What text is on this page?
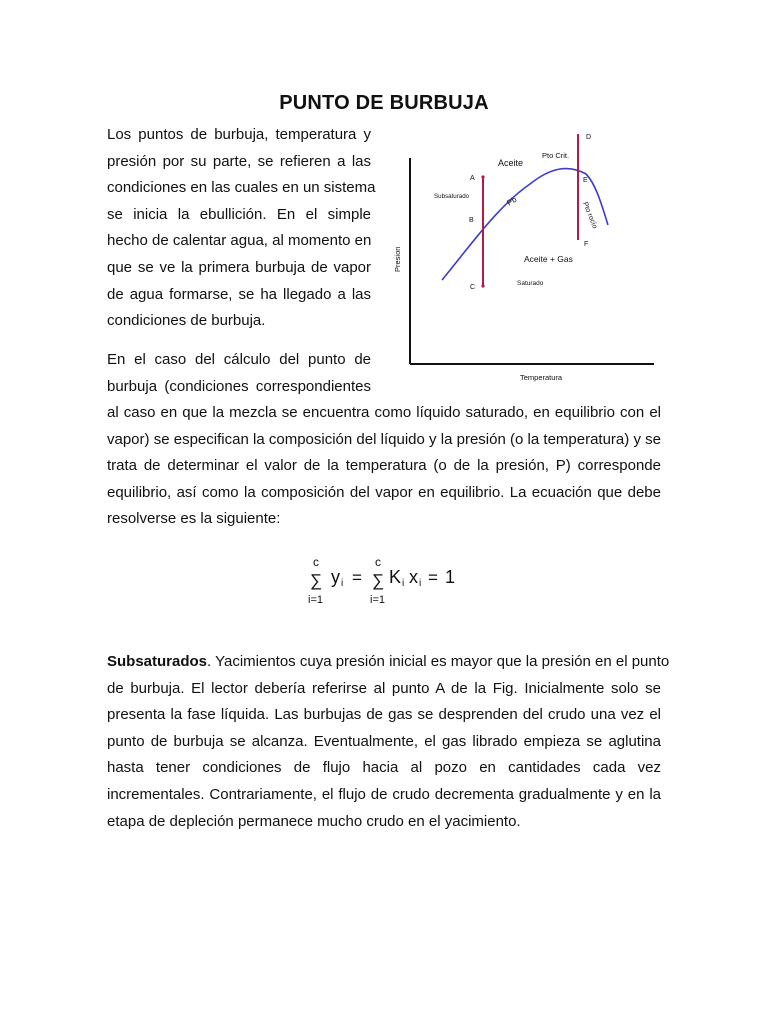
PUNTO DE BURBUJA
Los puntos de burbuja, temperatura y
presión por su parte, se refieren a las
condiciones en las cuales en un sistema
se inicia la ebullición. En el simple
hecho de calentar agua, al momento en
que se ve la primera burbuja de vapor
de agua formarse, se ha llegado a las
condiciones de burbuja.
En el caso del cálculo del punto de
burbuja (condiciones correspondientes
al caso en que la mezcla se encuentra como líquido saturado, en equilibrio con el
vapor) se especifican la composición del líquido y la presión (o la temperatura) y se
trata de determinar el valor de la temperatura (o de la presión, P) corresponde
equilibrio, así como la composición del vapor en equilibrio. La ecuación que debe
resolverse es la siguiente:
Presion
Temperatura
Aceite
Pto Crit.
Subsaturado	Pb	Pto rocío
Aceite + Gas
Saturado
A
B
C
D
E
F
c
∑
i=1
y i =
c
∑
i=1
K i x i = 1
Subsaturados. Yacimientos cuya presión inicial es mayor que la presión en el punto
de burbuja. El lector debería referirse al punto A de la Fig. Inicialmente solo se
presenta la fase líquida. Las burbujas de gas se desprenden del crudo una vez el
punto de burbuja se alcanza. Eventualmente, el gas librado empieza se aglutina
hasta tener condiciones de flujo hacia al pozo en cantidades cada vez
incrementales. Contrariamente, el flujo de crudo decrementa gradualmente y en la
etapa de depleción permanece mucho crudo en el yacimiento.
